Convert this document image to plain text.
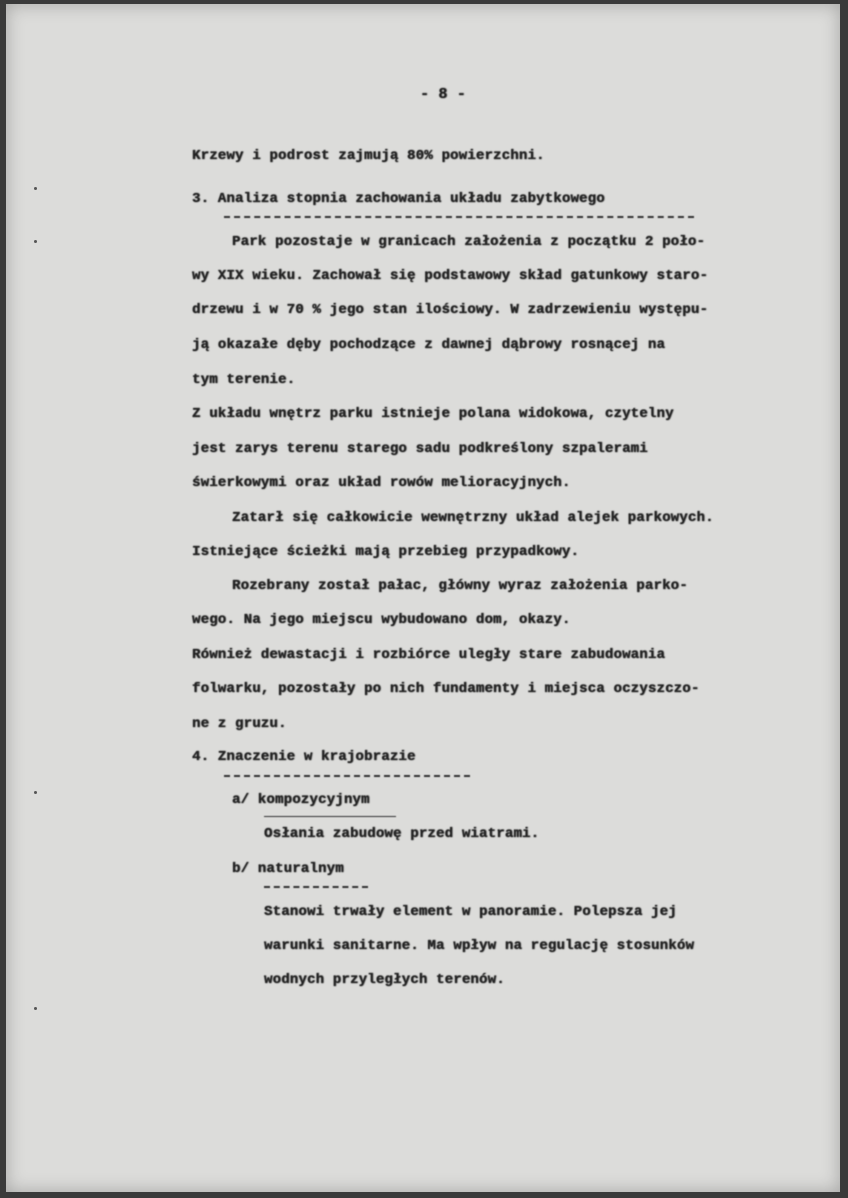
- 8 -
Krzewy i podrost zajmują 80% powierzchni.
3. Analiza stopnia zachowania układu zabytkowego
Park pozostaje w granicach założenia z początku 2 poło-
wy XIX wieku. Zachował się podstawowy skład gatunkowy staro-
drzewu i w 70 % jego stan ilościowy. W zadrzewieniu występu-
ją okazałe dęby pochodzące z dawnej dąbrowy rosnącej na
tym terenie.
Z układu wnętrz parku istnieje polana widokowa, czytelny
jest zarys terenu starego sadu podkreślony szpalerami
świerkowymi oraz układ rowów melioracyjnych.
Zatarł się całkowicie wewnętrzny układ alejek parkowych.
Istniejące ścieżki mają przebieg przypadkowy.
Rozebrany został pałac, główny wyraz założenia parko-
wego. Na jego miejscu wybudowano dom, okazy.
Również dewastacji i rozbiórce uległy stare zabudowania
folwarku, pozostały po nich fundamenty i miejsca oczyszczo-
ne z gruzu.
4. Znaczenie w krajobrazie
a/ kompozycyjnym
Osłania zabudowę przed wiatrami.
b/ naturalnym
Stanowi trwały element w panoramie. Polepsza jej
warunki sanitarne. Ma wpływ na regulację stosunków
wodnych przyległych terenów.
